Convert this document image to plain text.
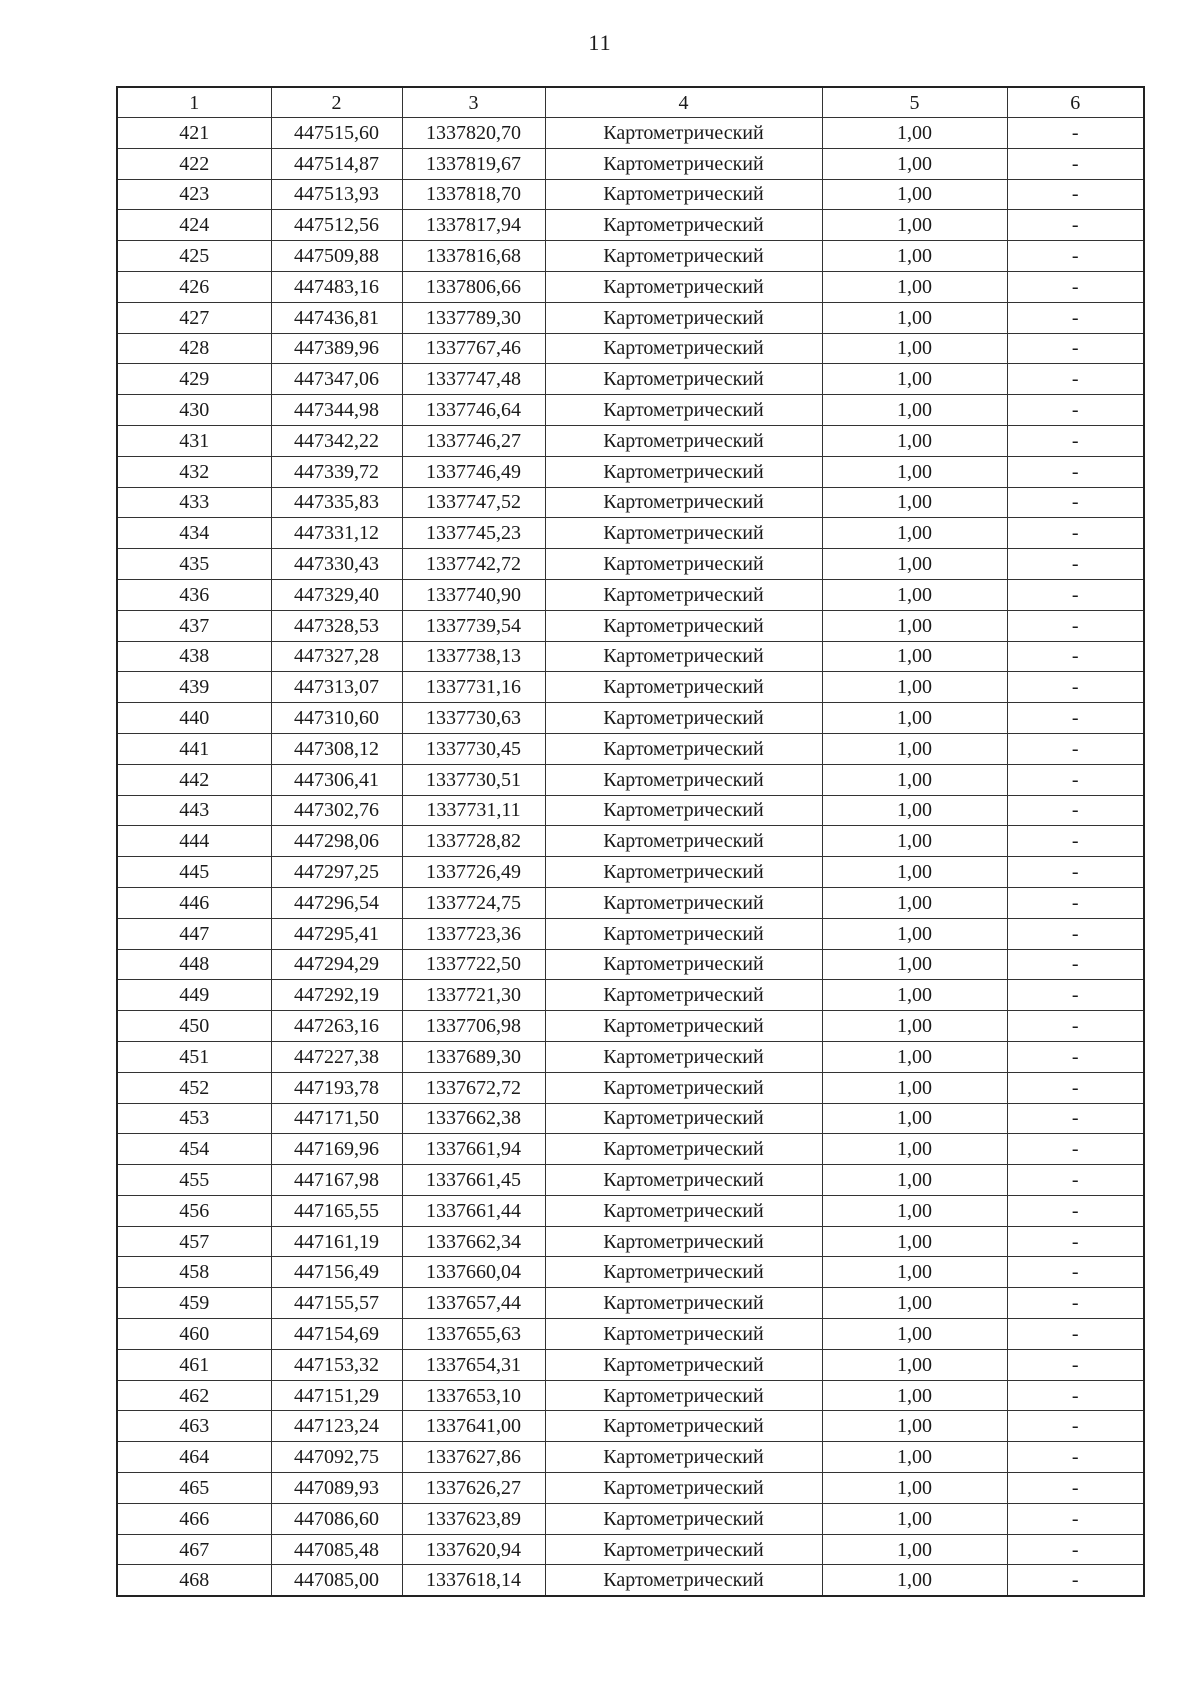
11
1	2	3	4	5	6
421	447515,60	1337820,70	Картометрический	1,00	-
422	447514,87	1337819,67	Картометрический	1,00	-
423	447513,93	1337818,70	Картометрический	1,00	-
424	447512,56	1337817,94	Картометрический	1,00	-
425	447509,88	1337816,68	Картометрический	1,00	-
426	447483,16	1337806,66	Картометрический	1,00	-
427	447436,81	1337789,30	Картометрический	1,00	-
428	447389,96	1337767,46	Картометрический	1,00	-
429	447347,06	1337747,48	Картометрический	1,00	-
430	447344,98	1337746,64	Картометрический	1,00	-
431	447342,22	1337746,27	Картометрический	1,00	-
432	447339,72	1337746,49	Картометрический	1,00	-
433	447335,83	1337747,52	Картометрический	1,00	-
434	447331,12	1337745,23	Картометрический	1,00	-
435	447330,43	1337742,72	Картометрический	1,00	-
436	447329,40	1337740,90	Картометрический	1,00	-
437	447328,53	1337739,54	Картометрический	1,00	-
438	447327,28	1337738,13	Картометрический	1,00	-
439	447313,07	1337731,16	Картометрический	1,00	-
440	447310,60	1337730,63	Картометрический	1,00	-
441	447308,12	1337730,45	Картометрический	1,00	-
442	447306,41	1337730,51	Картометрический	1,00	-
443	447302,76	1337731,11	Картометрический	1,00	-
444	447298,06	1337728,82	Картометрический	1,00	-
445	447297,25	1337726,49	Картометрический	1,00	-
446	447296,54	1337724,75	Картометрический	1,00	-
447	447295,41	1337723,36	Картометрический	1,00	-
448	447294,29	1337722,50	Картометрический	1,00	-
449	447292,19	1337721,30	Картометрический	1,00	-
450	447263,16	1337706,98	Картометрический	1,00	-
451	447227,38	1337689,30	Картометрический	1,00	-
452	447193,78	1337672,72	Картометрический	1,00	-
453	447171,50	1337662,38	Картометрический	1,00	-
454	447169,96	1337661,94	Картометрический	1,00	-
455	447167,98	1337661,45	Картометрический	1,00	-
456	447165,55	1337661,44	Картометрический	1,00	-
457	447161,19	1337662,34	Картометрический	1,00	-
458	447156,49	1337660,04	Картометрический	1,00	-
459	447155,57	1337657,44	Картометрический	1,00	-
460	447154,69	1337655,63	Картометрический	1,00	-
461	447153,32	1337654,31	Картометрический	1,00	-
462	447151,29	1337653,10	Картометрический	1,00	-
463	447123,24	1337641,00	Картометрический	1,00	-
464	447092,75	1337627,86	Картометрический	1,00	-
465	447089,93	1337626,27	Картометрический	1,00	-
466	447086,60	1337623,89	Картометрический	1,00	-
467	447085,48	1337620,94	Картометрический	1,00	-
468	447085,00	1337618,14	Картометрический	1,00	-
